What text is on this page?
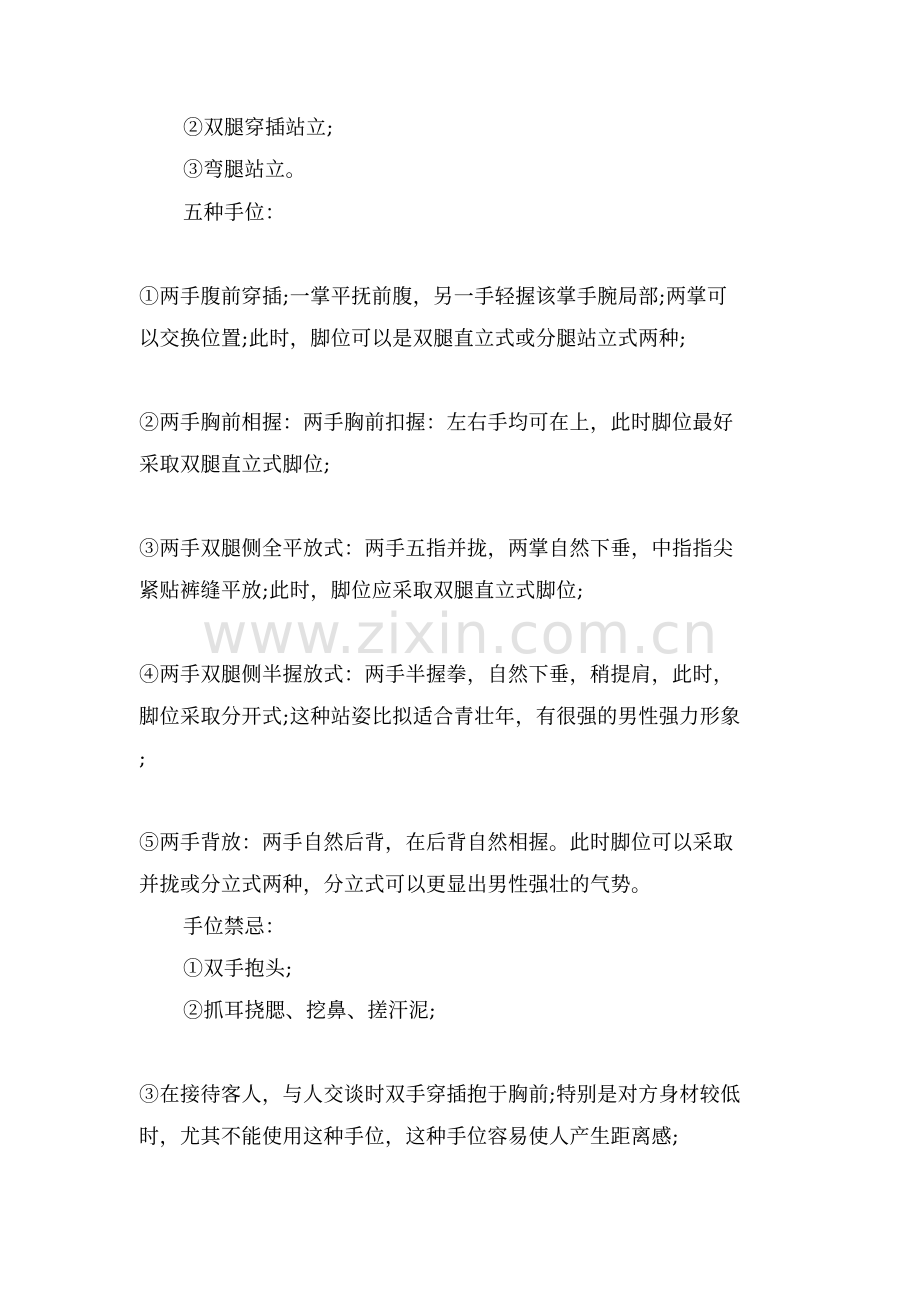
②双腿穿插站立;
③弯腿站立。
五种手位：
①两手腹前穿插;一掌平抚前腹，另一手轻握该掌手腕局部;两掌可
以交换位置;此时，脚位可以是双腿直立式或分腿站立式两种;
②两手胸前相握：两手胸前扣握：左右手均可在上，此时脚位最好
采取双腿直立式脚位;
③两手双腿侧全平放式：两手五指并拢，两掌自然下垂，中指指尖
紧贴裤缝平放;此时，脚位应采取双腿直立式脚位;
www.zixin.com.cn
④两手双腿侧半握放式：两手半握拳，自然下垂，稍提肩，此时，
脚位采取分开式;这种站姿比拟适合青壮年，有很强的男性强力形象
;
⑤两手背放：两手自然后背，在后背自然相握。此时脚位可以采取
并拢或分立式两种，分立式可以更显出男性强壮的气势。
手位禁忌：
①双手抱头;
②抓耳挠腮、挖鼻、搓汗泥;
③在接待客人，与人交谈时双手穿插抱于胸前;特别是对方身材较低
时，尤其不能使用这种手位，这种手位容易使人产生距离感;
